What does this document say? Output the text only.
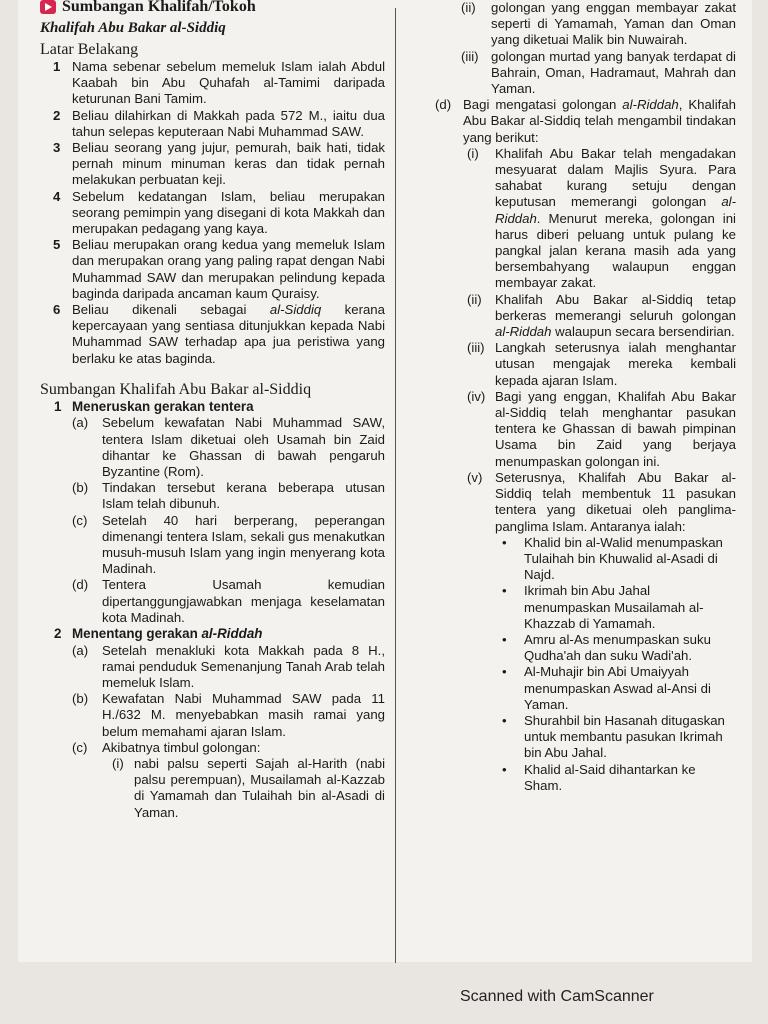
Sumbangan Khalifah/Tokoh
Khalifah Abu Bakar al-Siddiq
Latar Belakang
1 Nama sebenar sebelum memeluk Islam ialah Abdul Kaabah bin Abu Quhafah al-Tamimi daripada keturunan Bani Tamim.
2 Beliau dilahirkan di Makkah pada 572 M., iaitu dua tahun selepas keputeraan Nabi Muhammad SAW.
3 Beliau seorang yang jujur, pemurah, baik hati, tidak pernah minum minuman keras dan tidak pernah melakukan perbuatan keji.
4 Sebelum kedatangan Islam, beliau merupakan seorang pemimpin yang disegani di kota Makkah dan merupakan pedagang yang kaya.
5 Beliau merupakan orang kedua yang memeluk Islam dan merupakan orang yang paling rapat dengan Nabi Muhammad SAW dan merupakan pelindung kepada baginda daripada ancaman kaum Quraisy.
6 Beliau dikenali sebagai al-Siddiq kerana kepercayaan yang sentiasa ditunjukkan kepada Nabi Muhammad SAW terhadap apa jua peristiwa yang berlaku ke atas baginda.
Sumbangan Khalifah Abu Bakar al-Siddiq
1 Meneruskan gerakan tentera
(a) Sebelum kewafatan Nabi Muhammad SAW, tentera Islam diketuai oleh Usamah bin Zaid dihantar ke Ghassan di bawah pengaruh Byzantine (Rom).
(b) Tindakan tersebut kerana beberapa utusan Islam telah dibunuh.
(c) Setelah 40 hari berperang, peperangan dimenangi tentera Islam, sekali gus menakutkan musuh-musuh Islam yang ingin menyerang kota Madinah.
(d) Tentera Usamah kemudian dipertanggungjawabkan menjaga keselamatan kota Madinah.
2 Menentang gerakan al-Riddah
(a) Setelah menakluki kota Makkah pada 8 H., ramai penduduk Semenanjung Tanah Arab telah memeluk Islam.
(b) Kewafatan Nabi Muhammad SAW pada 11 H./632 M. menyebabkan masih ramai yang belum memahami ajaran Islam.
(c) Akibatnya timbul golongan:
(i) nabi palsu seperti Sajah al-Harith (nabi palsu perempuan), Musailamah al-Kazzab di Yamamah dan Tulaihah bin al-Asadi di Yaman.
(ii) golongan yang enggan membayar zakat seperti di Yamamah, Yaman dan Oman yang diketuai Malik bin Nuwairah.
(iii) golongan murtad yang banyak terdapat di Bahrain, Oman, Hadramaut, Mahrah dan Yaman.
(d) Bagi mengatasi golongan al-Riddah, Khalifah Abu Bakar al-Siddiq telah mengambil tindakan yang berikut:
(i) Khalifah Abu Bakar telah mengadakan mesyuarat dalam Majlis Syura. Para sahabat kurang setuju dengan keputusan memerangi golongan al-Riddah. Menurut mereka, golongan ini harus diberi peluang untuk pulang ke pangkal jalan kerana masih ada yang bersembahyang walaupun enggan membayar zakat.
(ii) Khalifah Abu Bakar al-Siddiq tetap berkeras memerangi seluruh golongan al-Riddah walaupun secara bersendirian.
(iii) Langkah seterusnya ialah menghantar utusan mengajak mereka kembali kepada ajaran Islam.
(iv) Bagi yang enggan, Khalifah Abu Bakar al-Siddiq telah menghantar pasukan tentera ke Ghassan di bawah pimpinan Usama bin Zaid yang berjaya menumpaskan golongan ini.
(v) Seterusnya, Khalifah Abu Bakar al-Siddiq telah membentuk 11 pasukan tentera yang diketuai oleh panglima-panglima Islam. Antaranya ialah:
• Khalid bin al-Walid menumpaskan Tulaihah bin Khuwalid al-Asadi di Najd.
• Ikrimah bin Abu Jahal menumpaskan Musailamah al-Khazzab di Yamamah.
• Amru al-As menumpaskan suku Qudha'ah dan suku Wadi'ah.
• Al-Muhajir bin Abi Umaiyyah menumpaskan Aswad al-Ansi di Yaman.
• Shurahbil bin Hasanah ditugaskan untuk membantu pasukan Ikrimah bin Abu Jahal.
• Khalid al-Said dihantarkan ke Sham.
Scanned with CamScanner
